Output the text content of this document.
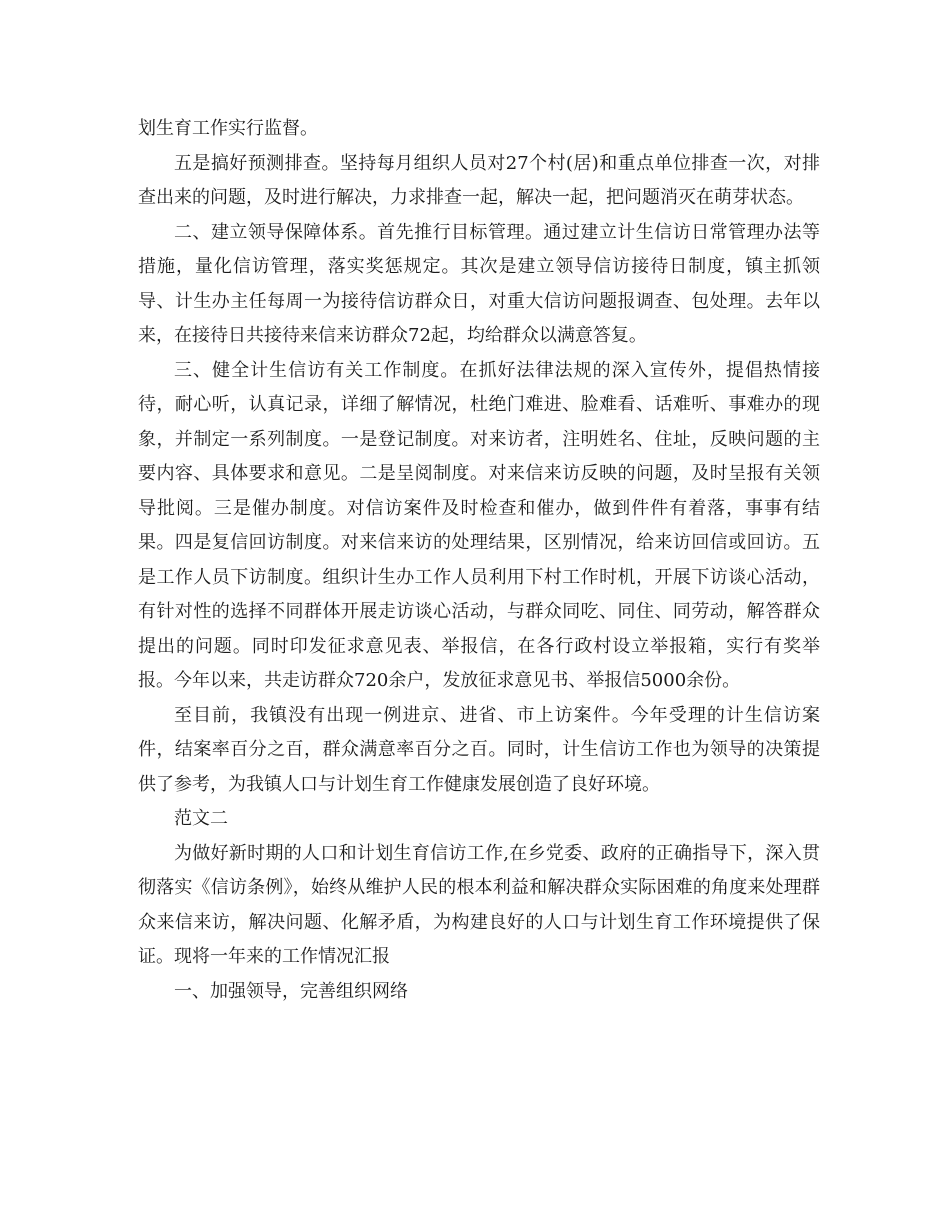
划生育工作实行监督。

五是搞好预测排查。坚持每月组织人员对27个村(居)和重点单位排查一次，对排查出来的问题，及时进行解决，力求排查一起，解决一起，把问题消灭在萌芽状态。

二、建立领导保障体系。首先推行目标管理。通过建立计生信访日常管理办法等措施，量化信访管理，落实奖惩规定。其次是建立领导信访接待日制度，镇主抓领导、计生办主任每周一为接待信访群众日，对重大信访问题报调查、包处理。去年以来，在接待日共接待来信来访群众72起，均给群众以满意答复。

三、健全计生信访有关工作制度。在抓好法律法规的深入宣传外，提倡热情接待，耐心听，认真记录，详细了解情况，杜绝门难进、脸难看、话难听、事难办的现象，并制定一系列制度。一是登记制度。对来访者，注明姓名、住址，反映问题的主要内容、具体要求和意见。二是呈阅制度。对来信来访反映的问题，及时呈报有关领导批阅。三是催办制度。对信访案件及时检查和催办，做到件件有着落，事事有结果。四是复信回访制度。对来信来访的处理结果，区别情况，给来访回信或回访。五是工作人员下访制度。组织计生办工作人员利用下村工作时机，开展下访谈心活动，有针对性的选择不同群体开展走访谈心活动，与群众同吃、同住、同劳动，解答群众提出的问题。同时印发征求意见表、举报信，在各行政村设立举报箱，实行有奖举报。今年以来，共走访群众720余户，发放征求意见书、举报信5000余份。

至目前，我镇没有出现一例进京、进省、市上访案件。今年受理的计生信访案件，结案率百分之百，群众满意率百分之百。同时，计生信访工作也为领导的决策提供了参考，为我镇人口与计划生育工作健康发展创造了良好环境。

范文二

为做好新时期的人口和计划生育信访工作,在乡党委、政府的正确指导下，深入贯彻落实《信访条例》，始终从维护人民的根本利益和解决群众实际困难的角度来处理群众来信来访，解决问题、化解矛盾，为构建良好的人口与计划生育工作环境提供了保证。现将一年来的工作情况汇报

一、加强领导，完善组织网络
